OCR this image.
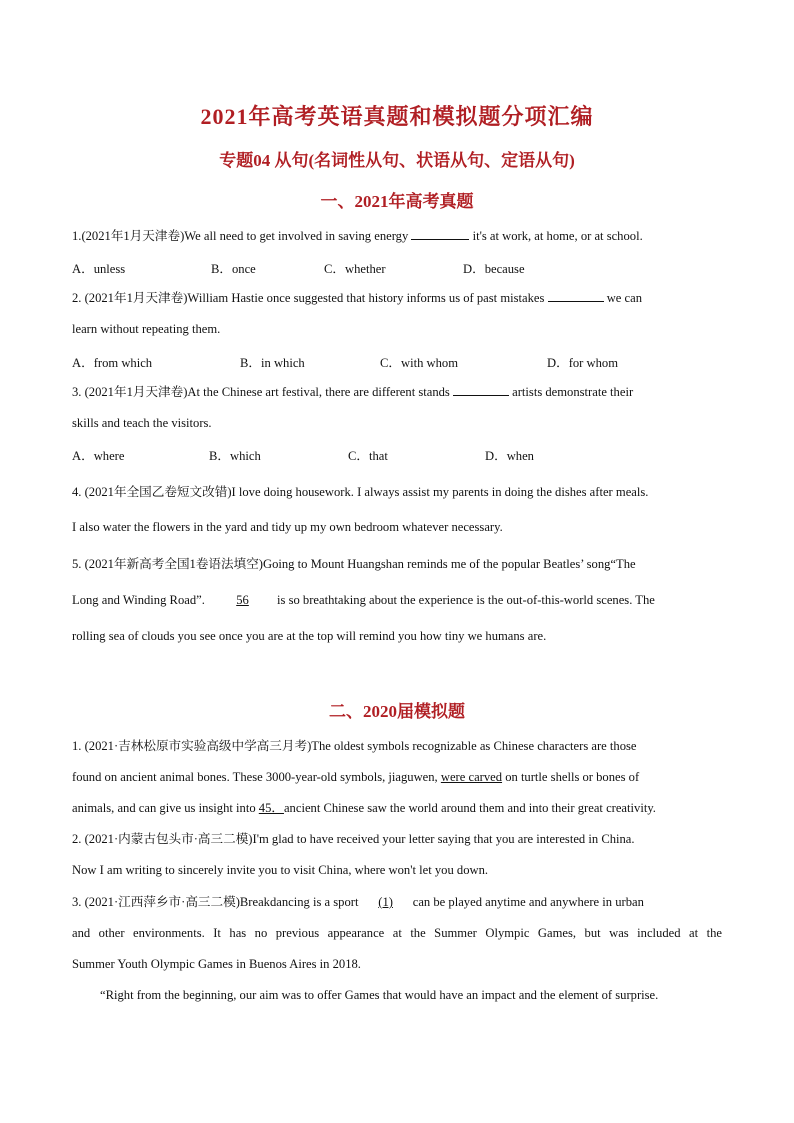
2021年高考英语真题和模拟题分项汇编
专题04 从句(名词性从句、状语从句、定语从句)
一、2021年高考真题
1.(2021年1月天津卷)We all need to get involved in saving energy	it's at work, at home, or at school.
A．unless	B．once	C．whether	D．because
2. (2021年1月天津卷)William Hastie once suggested that history informs us of past mistakes	we can
learn without repeating them.
A．from which	B．in which	C．with whom	D．for whom
3. (2021年1月天津卷)At the Chinese art festival, there are different stands	artists demonstrate their
skills and teach the visitors.
A．where	B．which	C．that	D．when
4. (2021年全国乙卷短文改错)I love doing housework. I always assist my parents in doing the dishes after meals.
I also water the flowers in the yard and tidy up my own bedroom whatever necessary.
5. (2021年新高考全国1卷语法填空)Going to Mount Huangshan reminds me of the popular Beatles’ song“The
Long and Winding Road”. 56 is so breathtaking about the experience is the out-of-this-world scenes. The
rolling sea of clouds you see once you are at the top will remind you how tiny we humans are.
二、2020届模拟题
1. (2021·吉林松原市实验高级中学高三月考)The oldest symbols recognizable as Chinese characters are those
found on ancient animal bones. These 3000-year-old symbols, jiaguwen, were carved on turtle shells or bones of
animals, and can give us insight into 45．ancient Chinese saw the world around them and into their great creativity.
2. (2021·内蒙古包头市·高三二模)I'm glad to have received your letter saying that you are interested in China.
Now I am writing to sincerely invite you to visit China, where won't let you down.
3. (2021·江西萍乡市·高三二模)Breakdancing is a sport (1) can be played anytime and anywhere in urban
and other environments. It has no previous appearance at the Summer Olympic Games, but was included at the
Summer Youth Olympic Games in Buenos Aires in 2018.
“Right from the beginning, our aim was to offer Games that would have an impact and the element of surprise.
